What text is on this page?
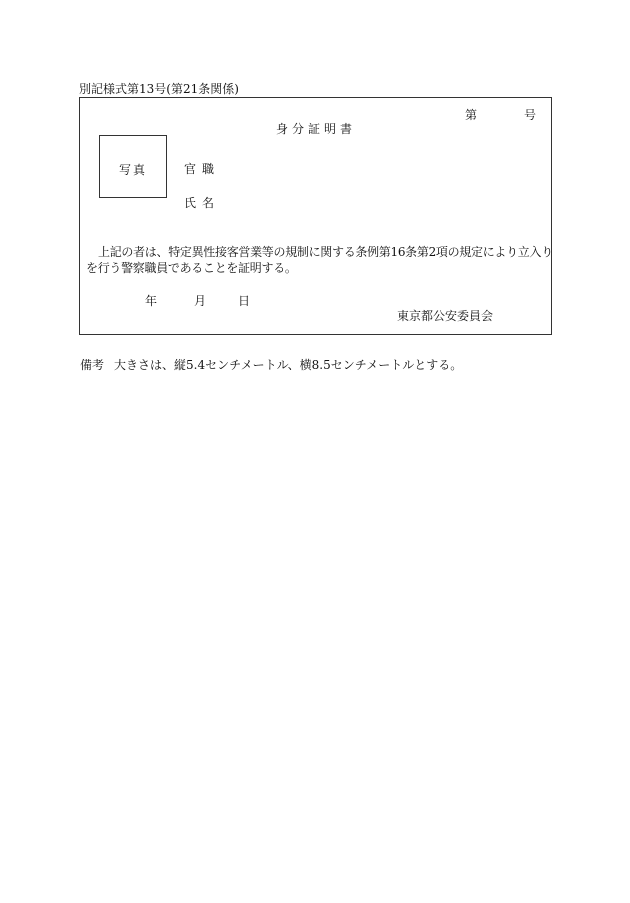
別記様式第13号(第21条関係)
第	号
身分証明書
写真	官職
氏名
上記の者は、特定異性接客営業等の規制に関する条例第16条第2項の規定により立入り
を行う警察職員であることを証明する。
年	月	日
東京都公安委員会
備考 大きさは、縦5.4センチメートル、横8.5センチメートルとする。
